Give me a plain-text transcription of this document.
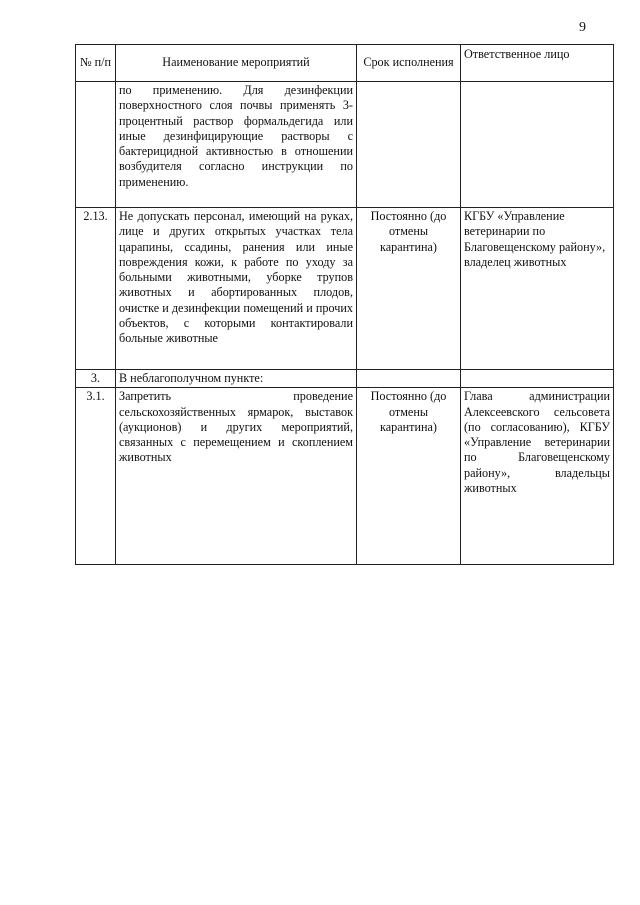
9
№ п/п	Наименование мероприятий	Срок исполнения	Ответственное лицо
	по применению. Для дезинфекции поверхностного слоя почвы применять 3-процентный раствор формальдегида или иные дезинфицирующие растворы с бактерицидной активностью в отношении возбудителя согласно инструкции по применению.		
2.13.	Не допускать персонал, имеющий на руках, лице и других открытых участках тела царапины, ссадины, ранения или иные повреждения кожи, к работе по уходу за больными животными, уборке трупов животных и абортированных плодов, очистке и дезинфекции помещений и прочих объектов, с которыми контактировали больные животные	Постоянно (до отмены карантина)	КГБУ «Управление ветеринарии по Благовещенскому району», владелец животных
3.	В неблагополучном пункте:		
3.1.	Запретить проведение сельскохозяйственных ярмарок, выставок (аукционов) и других мероприятий, связанных с перемещением и скоплением животных	Постоянно (до отмены карантина)	Глава администрации Алексеевского сельсовета (по согласованию), КГБУ «Управление ветеринарии по Благовещенскому району», владельцы животных
